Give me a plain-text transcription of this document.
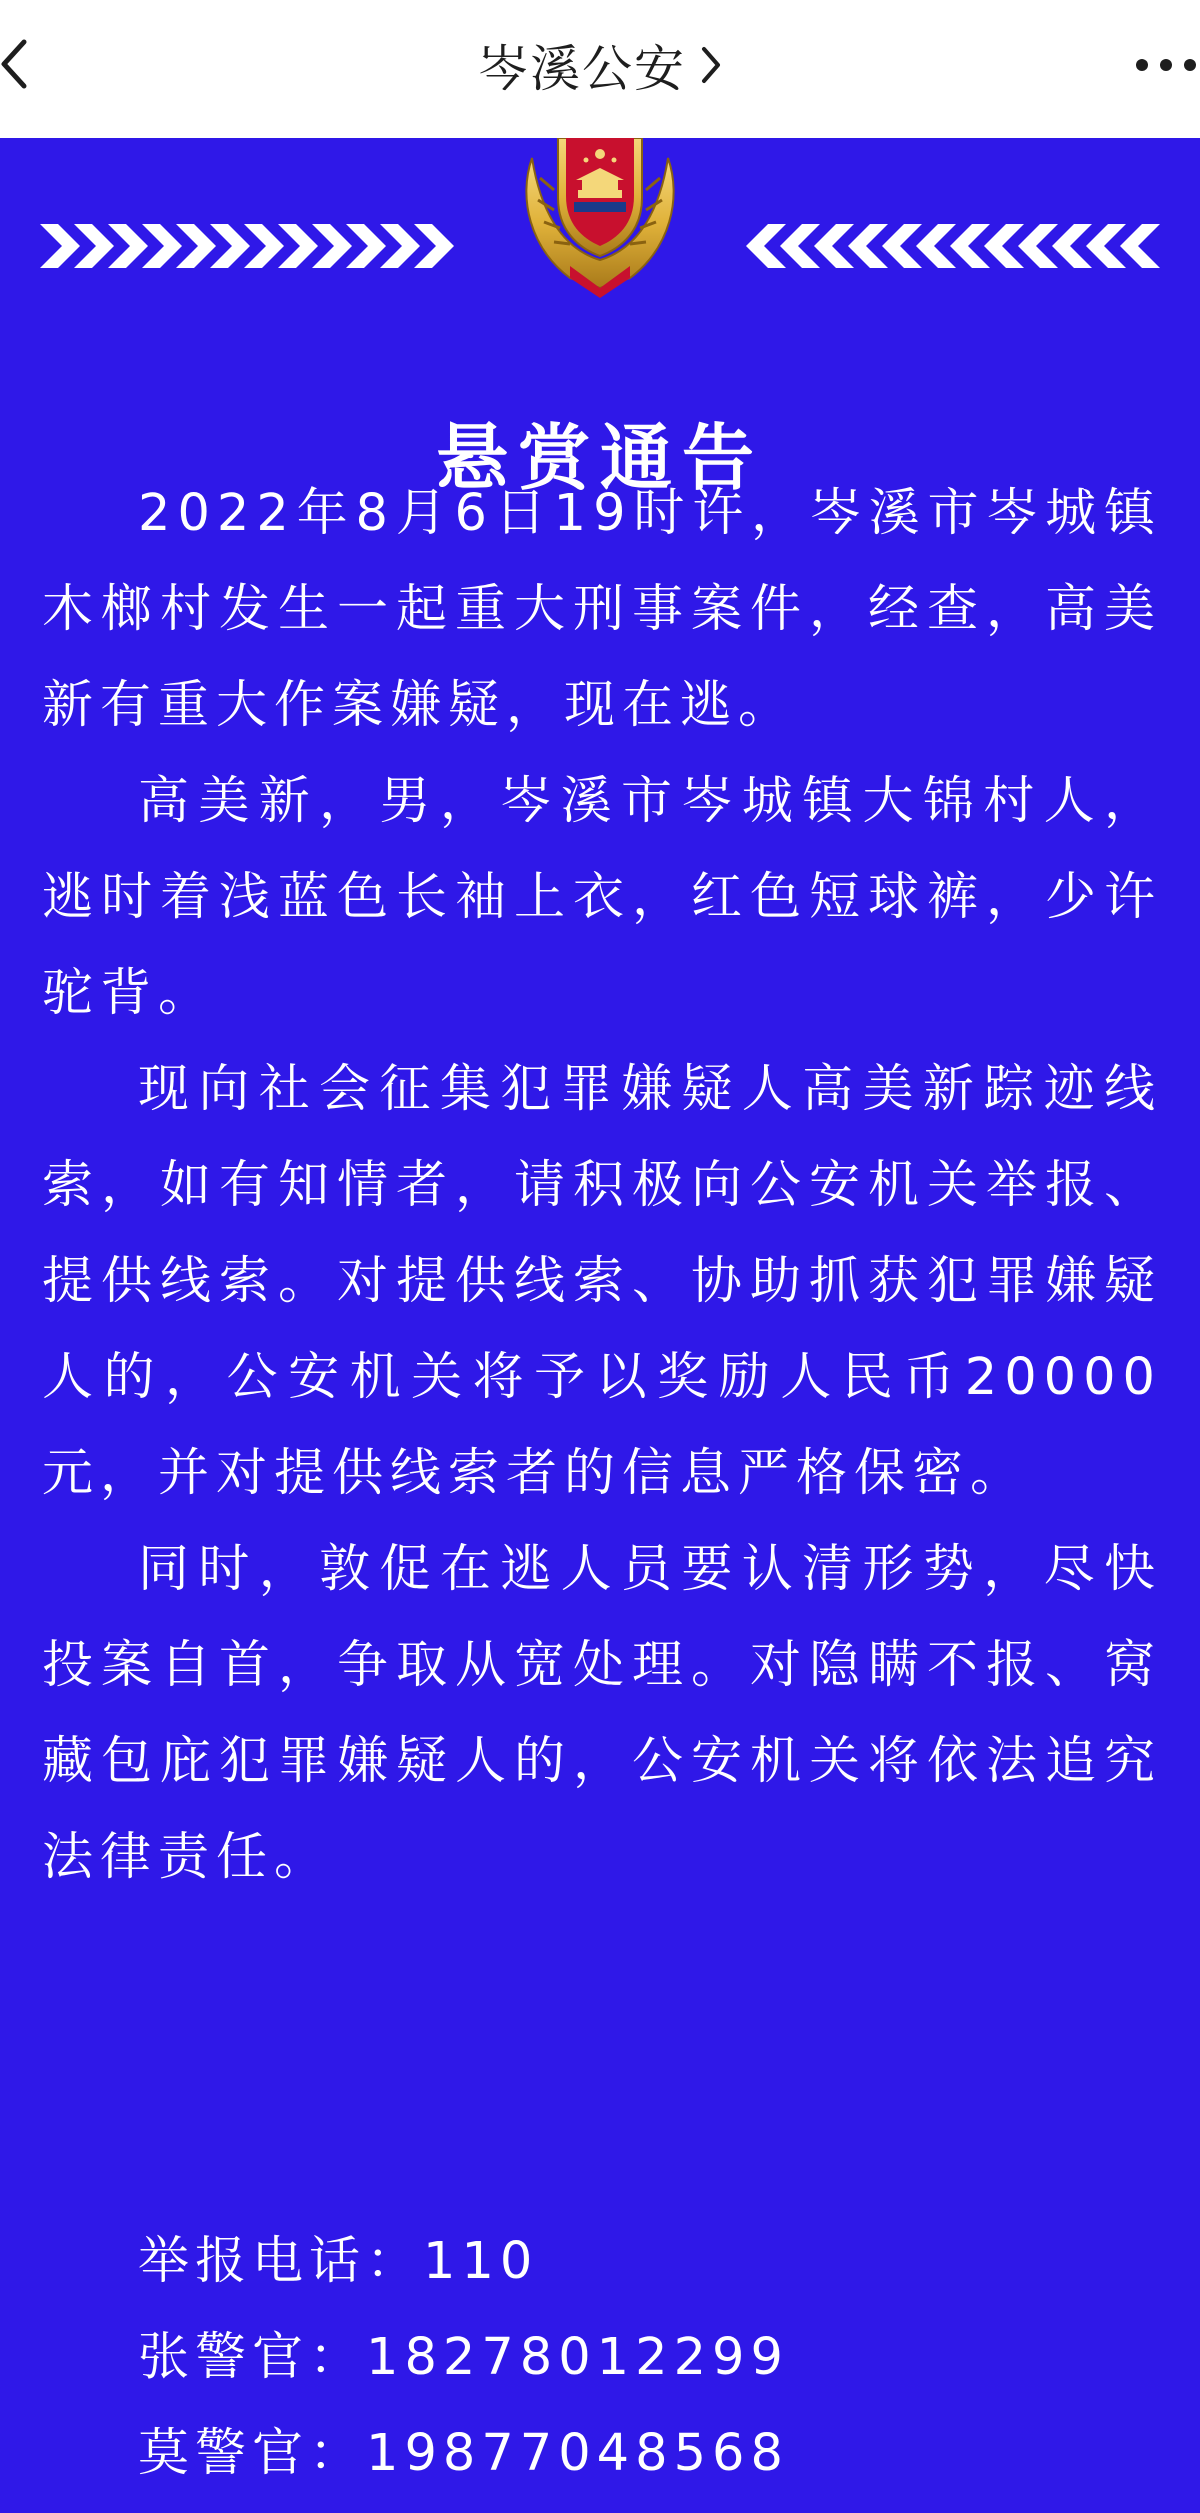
岑溪公安
悬赏通告

2022年8月6日19时许，岑溪市岑城镇木榔村发生一起重大刑事案件，经查，高美新有重大作案嫌疑，现在逃。

高美新，男，岑溪市岑城镇大锦村人，逃时着浅蓝色长袖上衣，红色短球裤，少许驼背。

现向社会征集犯罪嫌疑人高美新踪迹线索，如有知情者，请积极向公安机关举报、提供线索。对提供线索、协助抓获犯罪嫌疑人的，公安机关将予以奖励人民币20000元，并对提供线索者的信息严格保密。

同时，敦促在逃人员要认清形势，尽快投案自首，争取从宽处理。对隐瞒不报、窝藏包庇犯罪嫌疑人的，公安机关将依法追究法律责任。

举报电话：110
张警官：18278012299
莫警官：19877048568
